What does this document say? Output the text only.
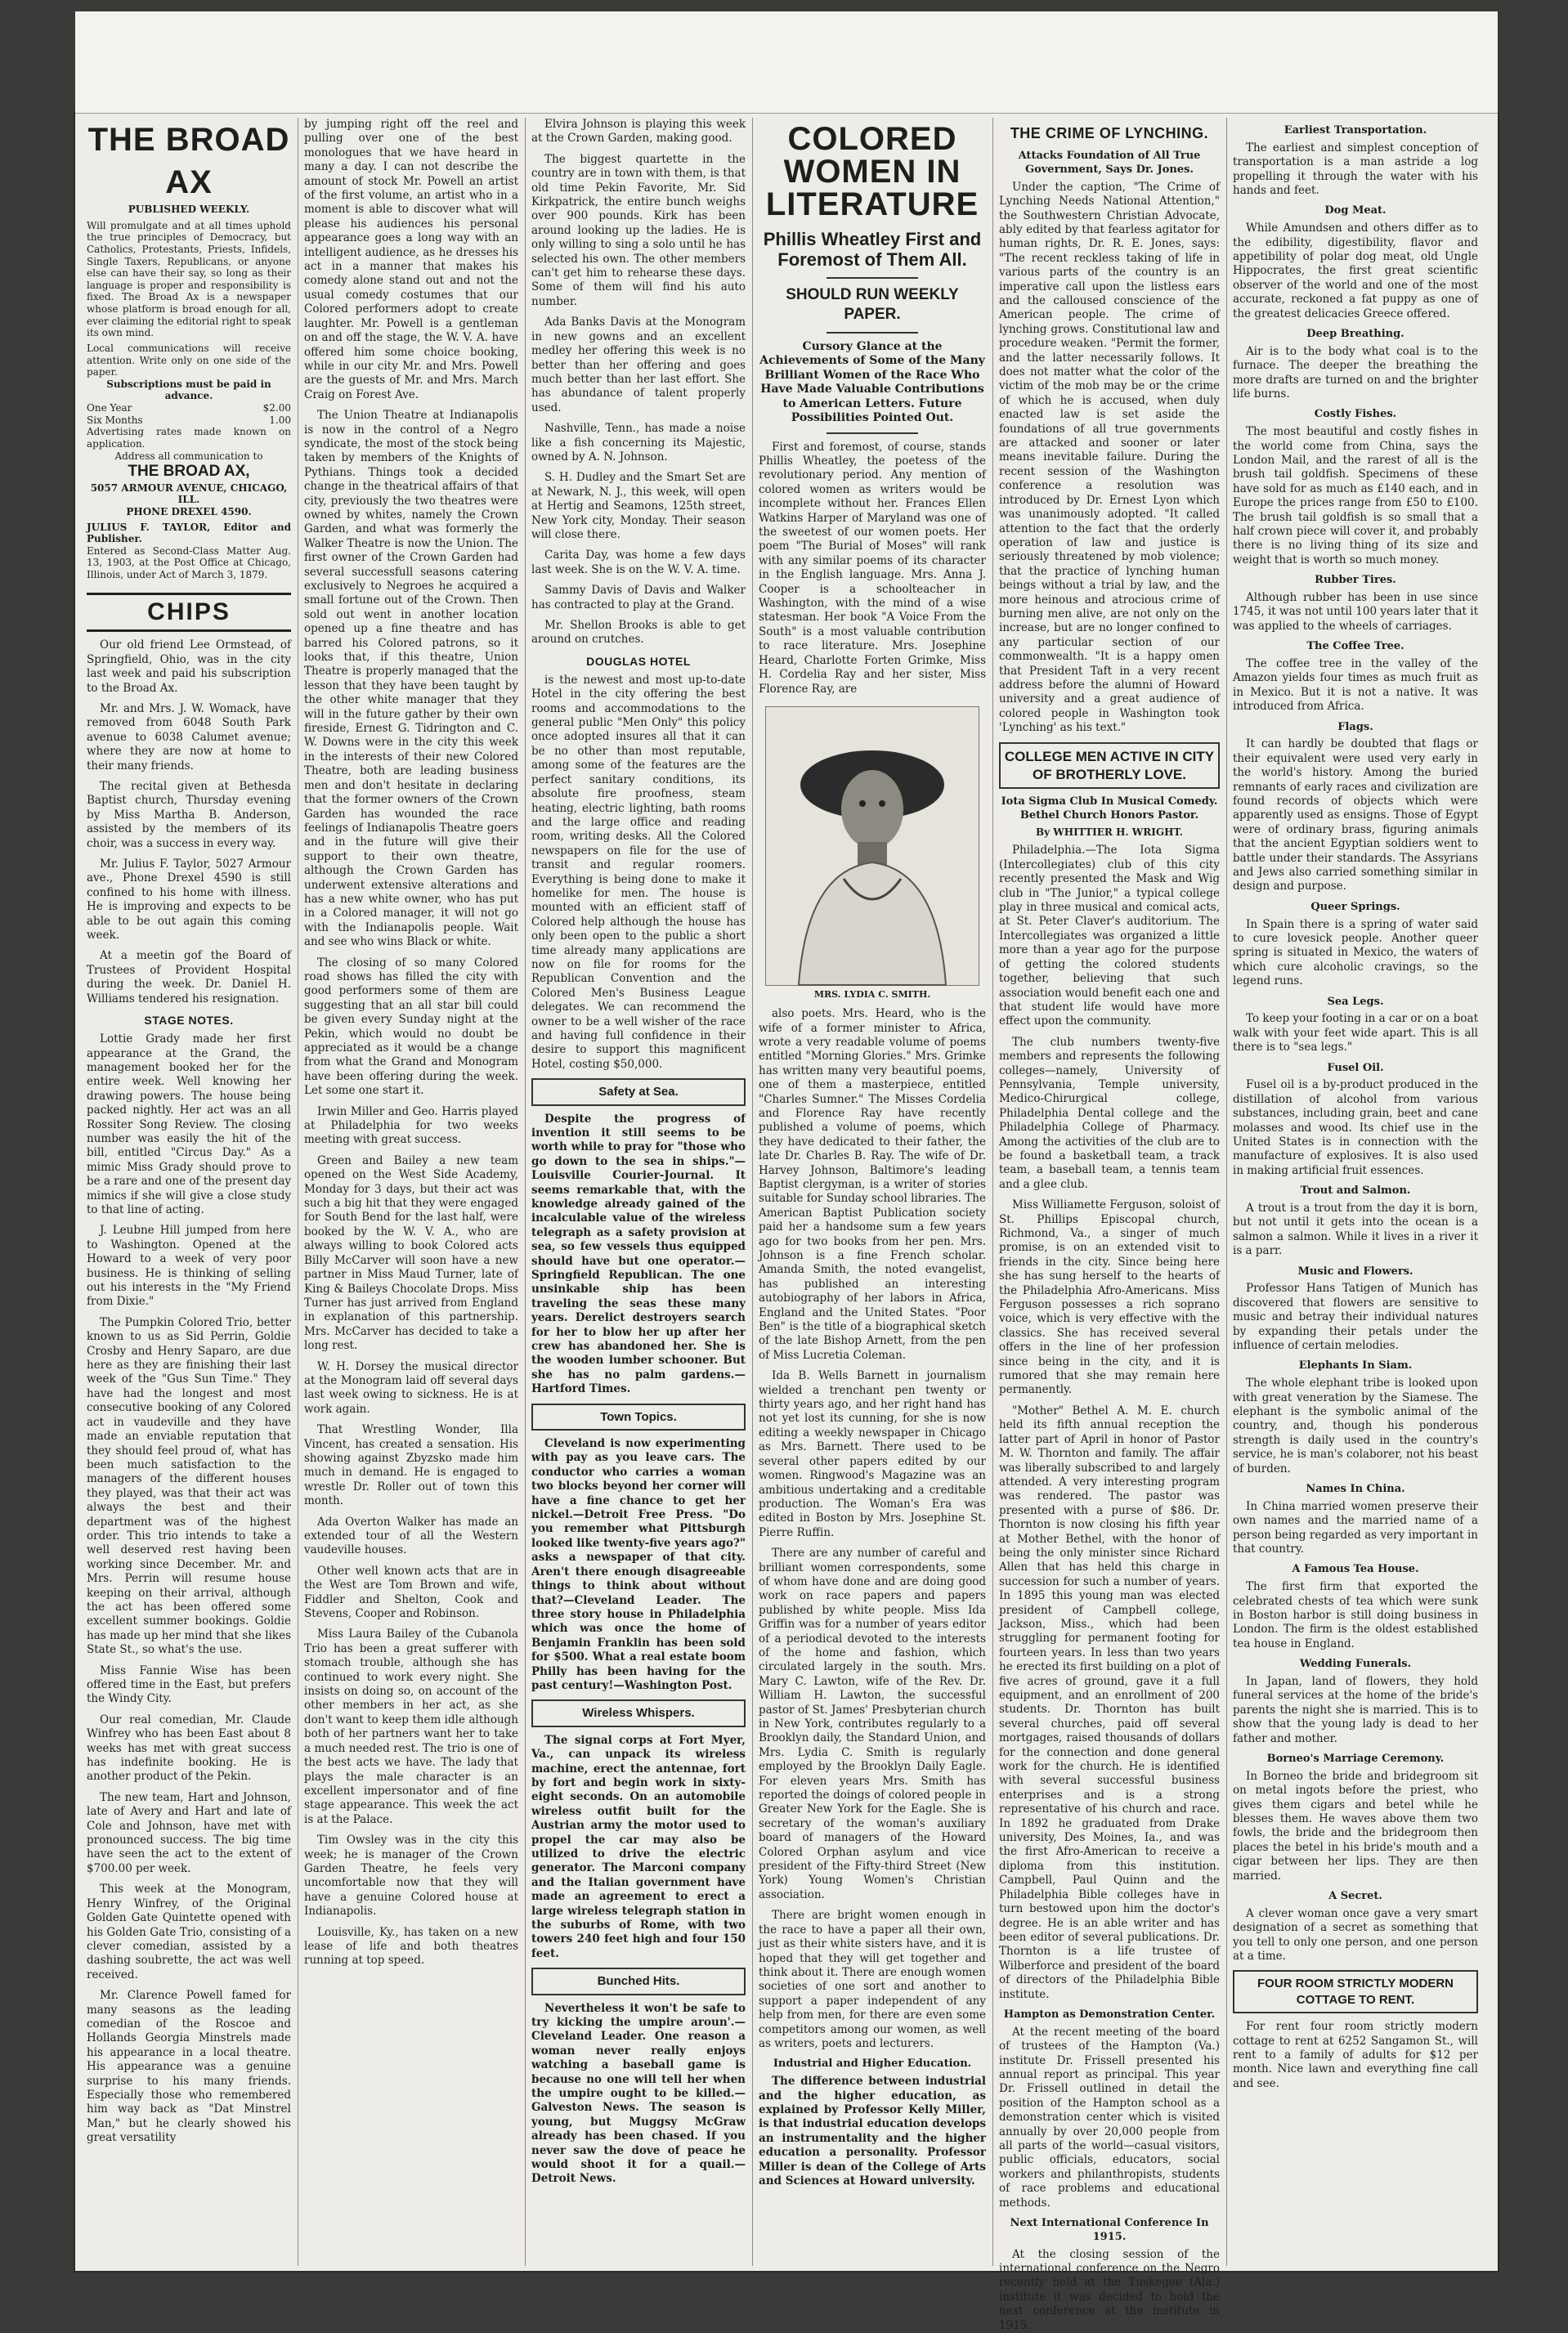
THE BROAD AX
PUBLISHED WEEKLY.
Will promulgate and at all times uphold the true principles of Democracy, but Catholics, Protestants, Priests, Infidels, Single Taxers, Republicans, or anyone else can have their say, so long as their language is proper and responsibility is fixed. The Broad Ax is a newspaper whose platform is broad enough for all, ever claiming the editorial right to speak its own mind.
Local communications will receive attention. Write only on one side of the paper.
Subscriptions must be paid in advance.
One Year	$2.00
Six Months	1.00
Advertising rates made known on application.
Address all communication to
THE BROAD AX,
5057 ARMOUR AVENUE, CHICAGO, ILL.
PHONE DREXEL 4590.
JULIUS F. TAYLOR, Editor and Publisher.
Entered as Second-Class Matter Aug. 13, 1903, at the Post Office at Chicago, Illinois, under Act of March 3, 1879.
CHIPS

Our old friend Lee Ormstead, of Springfield, Ohio, was in the city last week and paid his subscription to the Broad Ax.

Mr. and Mrs. J. W. Womack, have removed from 6048 South Park avenue to 6038 Calumet avenue; where they are now at home to their many friends.

The recital given at Bethesda Baptist church, Thursday evening by Miss Martha B. Anderson, assisted by the members of its choir, was a success in every way.

Mr. Julius F. Taylor, 5027 Armour ave., Phone Drexel 4590 is still confined to his home with illness. He is improving and expects to be able to be out again this coming week.

At a meetin gof the Board of Trustees of Provident Hospital during the week. Dr. Daniel H. Williams tendered his resignation.

STAGE NOTES.

Lottie Grady made her first appearance at the Grand, the management booked her for the entire week. Well knowing her drawing powers. The house being packed nightly. Her act was an all Rossiter Song Review. The closing number was easily the hit of the bill, entitled "Circus Day." As a mimic Miss Grady should prove to be a rare and one of the present day mimics if she will give a close study to that line of acting.

J. Leubne Hill jumped from here to Washington. Opened at the Howard to a week of very poor business. He is thinking of selling out his interests in the "My Friend from Dixie."

The Pumpkin Colored Trio, better known to us as Sid Perrin, Goldie Crosby and Henry Saparo, are due here as they are finishing their last week of the "Gus Sun Time." They have had the longest and most consecutive booking of any Colored act in vaudeville and they have made an enviable reputation that they should feel proud of, what has been much satisfaction to the managers of the different houses they played, was that their act was always the best and their department was of the highest order. This trio intends to take a well deserved rest having been working since December. Mr. and Mrs. Perrin will resume house keeping on their arrival, although the act has been offered some excellent summer bookings. Goldie has made up her mind that she likes State St., so what's the use.

Miss Fannie Wise has been offered time in the East, but prefers the Windy City.

Our real comedian, Mr. Claude Winfrey who has been East about 8 weeks has met with great success has indefinite booking. He is another product of the Pekin.

The new team, Hart and Johnson, late of Avery and Hart and late of Cole and Johnson, have met with pronounced success. The big time have seen the act to the extent of $700.00 per week.

This week at the Monogram, Henry Winfrey, of the Original Golden Gate Quintette opened with his Golden Gate Trio, consisting of a clever comedian, assisted by a dashing soubrette, the act was well received.

Mr. Clarence Powell famed for many seasons as the leading comedian of the Roscoe and Hollands Georgia Minstrels made his appearance in a local theatre. His appearance was a genuine surprise to his many friends. Especially those who remembered him way back as "Dat Minstrel Man," but he clearly showed his great versatility

by jumping right off the reel and pulling over one of the best monologues that we have heard in many a day. I can not describe the amount of stock Mr. Powell an artist of the first volume, an artist who in a moment is able to discover what will please his audiences his personal appearance goes a long way with an intelligent audience, as he dresses his act in a manner that makes his comedy alone stand out and not the usual comedy costumes that our Colored performers adopt to create laughter. Mr. Powell is a gentleman on and off the stage, the W. V. A. have offered him some choice booking, while in our city Mr. and Mrs. Powell are the guests of Mr. and Mrs. March Craig on Forest Ave.

The Union Theatre at Indianapolis is now in the control of a Negro syndicate, the most of the stock being taken by members of the Knights of Pythians. Things took a decided change in the theatrical affairs of that city, previously the two theatres were owned by whites, namely the Crown Garden, and what was formerly the Walker Theatre is now the Union. The first owner of the Crown Garden had several successfull seasons catering exclusively to Negroes he acquired a small fortune out of the Crown. Then sold out went in another location opened up a fine theatre and has barred his Colored patrons, so it looks that, if this theatre, Union Theatre is properly managed that the lesson that they have been taught by the other white manager that they will in the future gather by their own fireside, Ernest G. Tidrington and C. W. Downs were in the city this week in the interests of their new Colored Theatre, both are leading business men and don't hesitate in declaring that the former owners of the Crown Garden has wounded the race feelings of Indianapolis Theatre goers and in the future will give their support to their own theatre, although the Crown Garden has underwent extensive alterations and has a new white owner, who has put in a Colored manager, it will not go with the Indianapolis people. Wait and see who wins Black or white.

The closing of so many Colored road shows has filled the city with good performers some of them are suggesting that an all star bill could be given every Sunday night at the Pekin, which would no doubt be appreciated as it would be a change from what the Grand and Monogram have been offering during the week. Let some one start it.

Irwin Miller and Geo. Harris played at Philadelphia for two weeks meeting with great success.

Green and Bailey a new team opened on the West Side Academy, Monday for 3 days, but their act was such a big hit that they were engaged for South Bend for the last half, were booked by the W. V. A., who are always willing to book Colored acts Billy McCarver will soon have a new partner in Miss Maud Turner, late of King & Baileys Chocolate Drops. Miss Turner has just arrived from England in explanation of this partnership. Mrs. McCarver has decided to take a long rest.

W. H. Dorsey the musical director at the Monogram laid off several days last week owing to sickness. He is at work again.

That Wrestling Wonder, Illa Vincent, has created a sensation. His showing against Zbyzsko made him much in demand. He is engaged to wrestle Dr. Roller out of town this month.

Ada Overton Walker has made an extended tour of all the Western vaudeville houses.

Other well known acts that are in the West are Tom Brown and wife, Fiddler and Shelton, Cook and Stevens, Cooper and Robinson.

Miss Laura Bailey of the Cubanola Trio has been a great sufferer with stomach trouble, although she has continued to work every night. She insists on doing so, on account of the other members in her act, as she don't want to keep them idle although both of her partners want her to take a much needed rest. The trio is one of the best acts we have. The lady that plays the male character is an excellent impersonator and of fine stage appearance. This week the act is at the Palace.

Tim Owsley was in the city this week; he is manager of the Crown Garden Theatre, he feels very uncomfortable now that they will have a genuine Colored house at Indianapolis.

Louisville, Ky., has taken on a new lease of life and both theatres running at top speed.

Elvira Johnson is playing this week at the Crown Garden, making good.

The biggest quartette in the country are in town with them, is that old time Pekin Favorite, Mr. Sid Kirkpatrick, the entire bunch weighs over 900 pounds. Kirk has been around looking up the ladies. He is only willing to sing a solo until he has selected his own. The other members can't get him to rehearse these days. Some of them will find his auto number.

Ada Banks Davis at the Monogram in new gowns and an excellent medley her offering this week is no better than her offering and goes much better than her last effort. She has abundance of talent properly used.

Nashville, Tenn., has made a noise like a fish concerning its Majestic, owned by A. N. Johnson.

S. H. Dudley and the Smart Set are at Newark, N. J., this week, will open at Hertig and Seamons, 125th street, New York city, Monday. Their season will close there.

Carita Day, was home a few days last week. She is on the W. V. A. time.

Sammy Davis of Davis and Walker has contracted to play at the Grand.

Mr. Shellon Brooks is able to get around on crutches.

DOUGLAS HOTEL

is the newest and most up-to-date Hotel in the city offering the best rooms and accommodations to the general public "Men Only" this policy once adopted insures all that it can be no other than most reputable, among some of the features are the perfect sanitary conditions, its absolute fire proofness, steam heating, electric lighting, bath rooms and the large office and reading room, writing desks. All the Colored newspapers on file for the use of transit and regular roomers. Everything is being done to make it homelike for men. The house is mounted with an efficient staff of Colored help although the house has only been open to the public a short time already many applications are now on file for rooms for the Republican Convention and the Colored Men's Business League delegates. We can recommend the owner to be a well wisher of the race and having full confidence in their desire to support this magnificent Hotel, costing $50,000.

Safety at Sea.

Despite the progress of invention it still seems to be worth while to pray for "those who go down to the sea in ships."—Louisville Courier-Journal. It seems remarkable that, with the knowledge already gained of the incalculable value of the wireless telegraph as a safety provision at sea, so few vessels thus equipped should have but one operator.—Springfield Republican. The one unsinkable ship has been traveling the seas these many years. Derelict destroyers search for her to blow her up after her crew has abandoned her. She is the wooden lumber schooner. But she has no palm gardens.—Hartford Times.

Town Topics.

Cleveland is now experimenting with pay as you leave cars. The conductor who carries a woman two blocks beyond her corner will have a fine chance to get her nickel.—Detroit Free Press. "Do you remember what Pittsburgh looked like twenty-five years ago?" asks a newspaper of that city. Aren't there enough disagreeable things to think about without that?—Cleveland Leader. The three story house in Philadelphia which was once the home of Benjamin Franklin has been sold for $500. What a real estate boom Philly has been having for the past century!—Washington Post.

Wireless Whispers.

The signal corps at Fort Myer, Va., can unpack its wireless machine, erect the antennae, fort by fort and begin work in sixty-eight seconds. On an automobile wireless outfit built for the Austrian army the motor used to propel the car may also be utilized to drive the electric generator. The Marconi company and the Italian government have made an agreement to erect a large wireless telegraph station in the suburbs of Rome, with two towers 240 feet high and four 150 feet.

Bunched Hits.

Nevertheless it won't be safe to try kicking the umpire aroun'.—Cleveland Leader. One reason a woman never really enjoys watching a baseball game is because no one will tell her when the umpire ought to be killed.—Galveston News. The season is young, but Muggsy McGraw already has been chased. If you never saw the dove of peace he would shoot it for a quail.—Detroit News.

COLORED WOMEN IN LITERATURE
Phillis Wheatley First and Foremost of Them All.
SHOULD RUN WEEKLY PAPER.
Cursory Glance at the Achievements of Some of the Many Brilliant Women of the Race Who Have Made Valuable Contributions to American Letters. Future Possibilities Pointed Out.

First and foremost, of course, stands Phillis Wheatley, the poetess of the revolutionary period. Any mention of colored women as writers would be incomplete without her. Frances Ellen Watkins Harper of Maryland was one of the sweetest of our women poets. Her poem "The Burial of Moses" will rank with any similar poems of its character in the English language. Mrs. Anna J. Cooper is a schoolteacher in Washington, with the mind of a wise statesman. Her book "A Voice From the South" is a most valuable contribution to race literature. Mrs. Josephine Heard, Charlotte Forten Grimke, Miss H. Cordelia Ray and her sister, Miss Florence Ray, are

MRS. LYDIA C. SMITH.

also poets. Mrs. Heard, who is the wife of a former minister to Africa, wrote a very readable volume of poems entitled "Morning Glories." Mrs. Grimke has written many very beautiful poems, one of them a masterpiece, entitled "Charles Sumner." The Misses Cordelia and Florence Ray have recently published a volume of poems, which they have dedicated to their father, the late Dr. Charles B. Ray. The wife of Dr. Harvey Johnson, Baltimore's leading Baptist clergyman, is a writer of stories suitable for Sunday school libraries. The American Baptist Publication society paid her a handsome sum a few years ago for two books from her pen. Mrs. Johnson is a fine French scholar. Amanda Smith, the noted evangelist, has published an interesting autobiography of her labors in Africa, England and the United States. "Poor Ben" is the title of a biographical sketch of the late Bishop Arnett, from the pen of Miss Lucretia Coleman.

Ida B. Wells Barnett in journalism wielded a trenchant pen twenty or thirty years ago, and her right hand has not yet lost its cunning, for she is now editing a weekly newspaper in Chicago as Mrs. Barnett. There used to be several other papers edited by our women. Ringwood's Magazine was an ambitious undertaking and a creditable production. The Woman's Era was edited in Boston by Mrs. Josephine St. Pierre Ruffin.

There are any number of careful and brilliant women correspondents, some of whom have done and are doing good work on race papers and papers published by white people. Miss Ida Griffin was for a number of years editor of a periodical devoted to the interests of the home and fashion, which circulated largely in the south. Mrs. Mary C. Lawton, wife of the Rev. Dr. William H. Lawton, the successful pastor of St. James' Presbyterian church in New York, contributes regularly to a Brooklyn daily, the Standard Union, and Mrs. Lydia C. Smith is regularly employed by the Brooklyn Daily Eagle. For eleven years Mrs. Smith has reported the doings of colored people in Greater New York for the Eagle. She is secretary of the woman's auxiliary board of managers of the Howard Colored Orphan asylum and vice president of the Fifty-third Street (New York) Young Women's Christian association.

There are bright women enough in the race to have a paper all their own, just as their white sisters have, and it is hoped that they will get together and think about it. There are enough women societies of one sort and another to support a paper independent of any help from men, for there are even some competitors among our women, as well as writers, poets and lecturers.

Industrial and Higher Education.

The difference between industrial and the higher education, as explained by Professor Kelly Miller, is that industrial education develops an instrumentality and the higher education a personality. Professor Miller is dean of the College of Arts and Sciences at Howard university.

THE CRIME OF LYNCHING.
Attacks Foundation of All True Government, Says Dr. Jones.

Under the caption, "The Crime of Lynching Needs National Attention," the Southwestern Christian Advocate, ably edited by that fearless agitator for human rights, Dr. R. E. Jones, says: "The recent reckless taking of life in various parts of the country is an imperative call upon the listless ears and the calloused conscience of the American people. The crime of lynching grows. Constitutional law and procedure weaken. "Permit the former, and the latter necessarily follows. It does not matter what the color of the victim of the mob may be or the crime of which he is accused, when duly enacted law is set aside the foundations of all true governments are attacked and sooner or later means inevitable failure. During the recent session of the Washington conference a resolution was introduced by Dr. Ernest Lyon which was unanimously adopted. "It called attention to the fact that the orderly operation of law and justice is seriously threatened by mob violence; that the practice of lynching human beings without a trial by law, and the more heinous and atrocious crime of burning men alive, are not only on the increase, but are no longer confined to any particular section of our commonwealth. "It is a happy omen that President Taft in a very recent address before the alumni of Howard university and a great audience of colored people in Washington took 'Lynching' as his text."

COLLEGE MEN ACTIVE IN CITY OF BROTHERLY LOVE.
Iota Sigma Club In Musical Comedy. Bethel Church Honors Pastor.
By WHITTIER H. WRIGHT.

Philadelphia.—The Iota Sigma (Intercollegiates) club of this city recently presented the Mask and Wig club in "The Junior," a typical college play in three musical and comical acts, at St. Peter Claver's auditorium. The Intercollegiates was organized a little more than a year ago for the purpose of getting the colored students together, believing that such association would benefit each one and that student life would have more effect upon the community.

The club numbers twenty-five members and represents the following colleges—namely, University of Pennsylvania, Temple university, Medico-Chirurgical college, Philadelphia Dental college and the Philadelphia College of Pharmacy. Among the activities of the club are to be found a basketball team, a track team, a baseball team, a tennis team and a glee club.

Miss Williamette Ferguson, soloist of St. Phillips Episcopal church, Richmond, Va., a singer of much promise, is on an extended visit to friends in the city. Since being here she has sung herself to the hearts of the Philadelphia Afro-Americans. Miss Ferguson possesses a rich soprano voice, which is very effective with the classics. She has received several offers in the line of her profession since being in the city, and it is rumored that she may remain here permanently.

"Mother" Bethel A. M. E. church held its fifth annual reception the latter part of April in honor of Pastor M. W. Thornton and family. The affair was liberally subscribed to and largely attended. A very interesting program was rendered. The pastor was presented with a purse of $86. Dr. Thornton is now closing his fifth year at Mother Bethel, with the honor of being the only minister since Richard Allen that has held this charge in succession for such a number of years. In 1895 this young man was elected president of Campbell college, Jackson, Miss., which had been struggling for permanent footing for fourteen years. In less than two years he erected its first building on a plot of five acres of ground, gave it a full equipment, and an enrollment of 200 students. Dr. Thornton has built several churches, paid off several mortgages, raised thousands of dollars for the connection and done general work for the church. He is identified with several successful business enterprises and is a strong representative of his church and race. In 1892 he graduated from Drake university, Des Moines, Ia., and was the first Afro-American to receive a diploma from this institution. Campbell, Paul Quinn and the Philadelphia Bible colleges have in turn bestowed upon him the doctor's degree. He is an able writer and has been editor of several publications. Dr. Thornton is a life trustee of Wilberforce and president of the board of directors of the Philadelphia Bible institute.

Hampton as Demonstration Center.

At the recent meeting of the board of trustees of the Hampton (Va.) institute Dr. Frissell presented his annual report as principal. This year Dr. Frissell outlined in detail the position of the Hampton school as a demonstration center which is visited annually by over 20,000 people from all parts of the world—casual visitors, public officials, educators, social workers and philanthropists, students of race problems and educational methods.

Next International Conference In 1915.

At the closing session of the international conference on the Negro recently held at the Tuskegee (Ala.) institute it was decided to hold the next conference at the institute in 1915.

Earliest Transportation.

The earliest and simplest conception of transportation is a man astride a log propelling it through the water with his hands and feet.

Dog Meat.

While Amundsen and others differ as to the edibility, digestibility, flavor and appetibility of polar dog meat, old Ungle Hippocrates, the first great scientific observer of the world and one of the most accurate, reckoned a fat puppy as one of the greatest delicacies Greece offered.

Deep Breathing.

Air is to the body what coal is to the furnace. The deeper the breathing the more drafts are turned on and the brighter life burns.

Costly Fishes.

The most beautiful and costly fishes in the world come from China, says the London Mail, and the rarest of all is the brush tail goldfish. Specimens of these have sold for as much as £140 each, and in Europe the prices range from £50 to £100. The brush tail goldfish is so small that a half crown piece will cover it, and probably there is no living thing of its size and weight that is worth so much money.

Rubber Tires.

Although rubber has been in use since 1745, it was not until 100 years later that it was applied to the wheels of carriages.

The Coffee Tree.

The coffee tree in the valley of the Amazon yields four times as much fruit as in Mexico. But it is not a native. It was introduced from Africa.

Flags.

It can hardly be doubted that flags or their equivalent were used very early in the world's history. Among the buried remnants of early races and civilization are found records of objects which were apparently used as ensigns. Those of Egypt were of ordinary brass, figuring animals that the ancient Egyptian soldiers went to battle under their standards. The Assyrians and Jews also carried something similar in design and purpose.

Queer Springs.

In Spain there is a spring of water said to cure lovesick people. Another queer spring is situated in Mexico, the waters of which cure alcoholic cravings, so the legend runs.

Sea Legs.

To keep your footing in a car or on a boat walk with your feet wide apart. This is all there is to "sea legs."

Fusel Oil.

Fusel oil is a by-product produced in the distillation of alcohol from various substances, including grain, beet and cane molasses and wood. Its chief use in the United States is in connection with the manufacture of explosives. It is also used in making artificial fruit essences.

Trout and Salmon.

A trout is a trout from the day it is born, but not until it gets into the ocean is a salmon a salmon. While it lives in a river it is a parr.

Music and Flowers.

Professor Hans Tatigen of Munich has discovered that flowers are sensitive to music and betray their individual natures by expanding their petals under the influence of certain melodies.

Elephants In Siam.

The whole elephant tribe is looked upon with great veneration by the Siamese. The elephant is the symbolic animal of the country, and, though his ponderous strength is daily used in the country's service, he is man's colaborer, not his beast of burden.

Names In China.

In China married women preserve their own names and the married name of a person being regarded as very important in that country.

A Famous Tea House.

The first firm that exported the celebrated chests of tea which were sunk in Boston harbor is still doing business in London. The firm is the oldest established tea house in England.

Wedding Funerals.

In Japan, land of flowers, they hold funeral services at the home of the bride's parents the night she is married. This is to show that the young lady is dead to her father and mother.

Borneo's Marriage Ceremony.

In Borneo the bride and bridegroom sit on metal ingots before the priest, who gives them cigars and betel while he blesses them. He waves above them two fowls, the bride and the bridegroom then places the betel in his bride's mouth and a cigar between her lips. They are then married.

A Secret.

A clever woman once gave a very smart designation of a secret as something that you tell to only one person, and one person at a time.

FOUR ROOM STRICTLY MODERN COTTAGE TO RENT.

For rent four room strictly modern cottage to rent at 6252 Sangamon St., will rent to a family of adults for $12 per month. Nice lawn and everything fine call and see.
